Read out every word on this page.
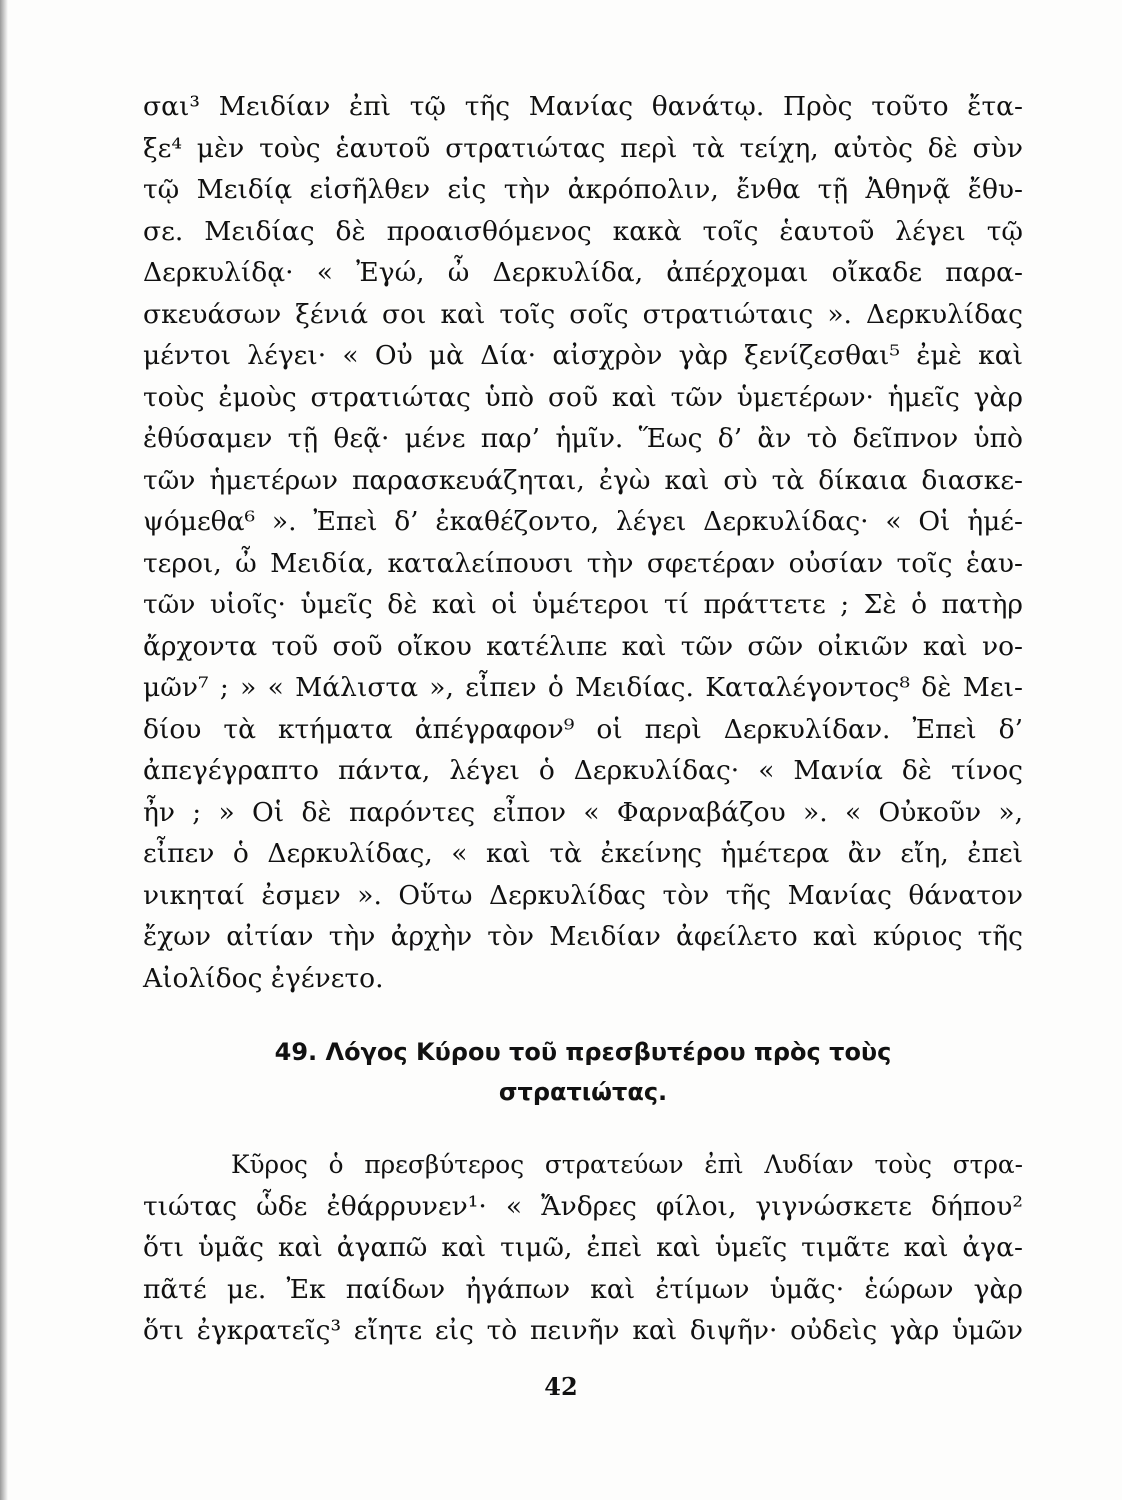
σαι³ Μειδίαν ἐπὶ τῷ τῆς Μανίας θανάτῳ. Πρὸς τοῦτο ἔτα-
ξε⁴ μὲν τοὺς ἑαυτοῦ στρατιώτας περὶ τὰ τείχη, αὐτὸς δὲ σὺν
τῷ Μειδίᾳ εἰσῆλθεν εἰς τὴν ἀκρόπολιν, ἔνθα τῇ Ἀθηνᾷ ἔθυ-
σε. Μειδίας δὲ προαισθόμενος κακὰ τοῖς ἑαυτοῦ λέγει τῷ
Δερκυλίδᾳ· « Ἐγώ, ὦ Δερκυλίδα, ἀπέρχομαι οἴκαδε παρα-
σκευάσων ξένιά σοι καὶ τοῖς σοῖς στρατιώταις ». Δερκυλίδας
μέντοι λέγει· « Οὐ μὰ Δία· αἰσχρὸν γὰρ ξενίζεσθαι⁵ ἐμὲ καὶ
τοὺς ἐμοὺς στρατιώτας ὑπὸ σοῦ καὶ τῶν ὑμετέρων· ἡμεῖς γὰρ
ἐθύσαμεν τῇ θεᾷ· μένε παρ’ ἡμῖν. Ἕως δ’ ἂν τὸ δεῖπνον ὑπὸ
τῶν ἡμετέρων παρασκευάζηται, ἐγὼ καὶ σὺ τὰ δίκαια διασκε-
ψόμεθα⁶ ». Ἐπεὶ δ’ ἐκαθέζοντο, λέγει Δερκυλίδας· « Οἱ ἡμέ-
τεροι, ὦ Μειδία, καταλείπουσι τὴν σφετέραν οὐσίαν τοῖς ἑαυ-
τῶν υἱοῖς· ὑμεῖς δὲ καὶ οἱ ὑμέτεροι τί πράττετε ; Σὲ ὁ πατὴρ
ἄρχοντα τοῦ σοῦ οἴκου κατέλιπε καὶ τῶν σῶν οἰκιῶν καὶ νο-
μῶν⁷ ; » « Μάλιστα », εἶπεν ὁ Μειδίας. Καταλέγοντος⁸ δὲ Μει-
δίου τὰ κτήματα ἀπέγραφον⁹ οἱ περὶ Δερκυλίδαν. Ἐπεὶ δ’
ἀπεγέγραπτο πάντα, λέγει ὁ Δερκυλίδας· « Μανία δὲ τίνος
ἦν ; » Οἱ δὲ παρόντες εἶπον « Φαρναβάζου ». « Οὐκοῦν »,
εἶπεν ὁ Δερκυλίδας, « καὶ τὰ ἐκείνης ἡμέτερα ἂν εἴη, ἐπεὶ
νικηταί ἐσμεν ». Οὕτω Δερκυλίδας τὸν τῆς Μανίας θάνατον
ἔχων αἰτίαν τὴν ἀρχὴν τὸν Μειδίαν ἀφείλετο καὶ κύριος τῆς
Αἰολίδος ἐγένετο.
49. Λόγος Κύρου τοῦ πρεσβυτέρου πρὸς τοὺς
στρατιώτας.
Κῦρος ὁ πρεσβύτερος στρατεύων ἐπὶ Λυδίαν τοὺς στρα-
τιώτας ὧδε ἐθάρρυνεν¹· « Ἄνδρες φίλοι, γιγνώσκετε δήπου²
ὅτι ὑμᾶς καὶ ἀγαπῶ καὶ τιμῶ, ἐπεὶ καὶ ὑμεῖς τιμᾶτε καὶ ἀγα-
πᾶτέ με. Ἐκ παίδων ἠγάπων καὶ ἐτίμων ὑμᾶς· ἑώρων γὰρ
ὅτι ἐγκρατεῖς³ εἴητε εἰς τὸ πεινῆν καὶ διψῆν· οὐδεὶς γὰρ ὑμῶν
42
